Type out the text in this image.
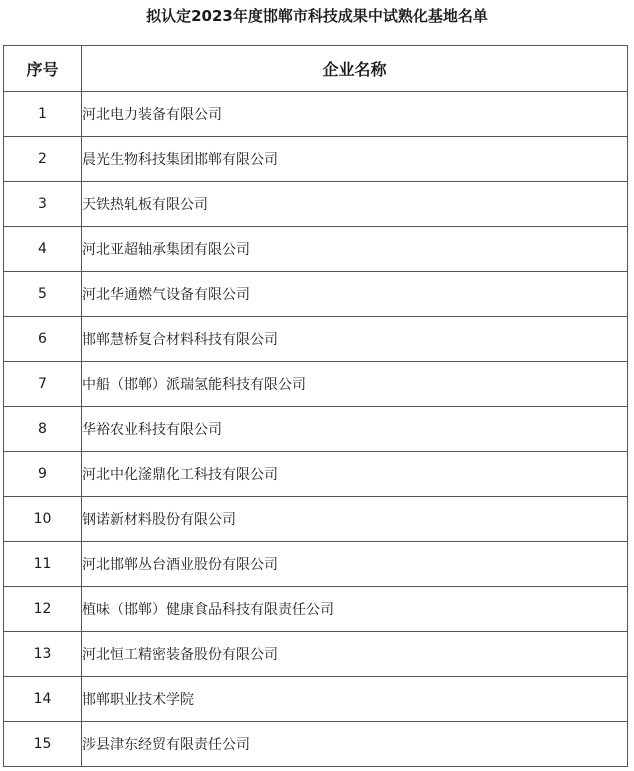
拟认定2023年度邯郸市科技成果中试熟化基地名单
序号	企业名称
1	河北电力装备有限公司
2	晨光生物科技集团邯郸有限公司
3	天铁热轧板有限公司
4	河北亚超轴承集团有限公司
5	河北华通燃气设备有限公司
6	邯郸慧桥复合材料科技有限公司
7	中船（邯郸）派瑞氢能科技有限公司
8	华裕农业科技有限公司
9	河北中化滏鼎化工科技有限公司
10	钢诺新材料股份有限公司
11	河北邯郸丛台酒业股份有限公司
12	植味（邯郸）健康食品科技有限责任公司
13	河北恒工精密装备股份有限公司
14	邯郸职业技术学院
15	涉县津东经贸有限责任公司
